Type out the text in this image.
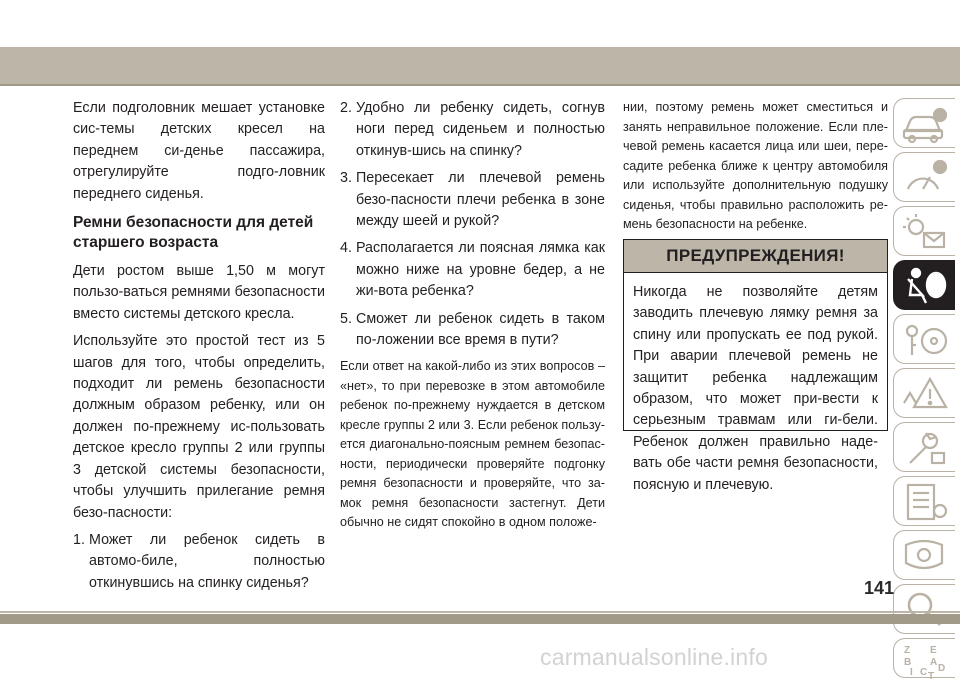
Если подголовник мешает установке сис-темы детских кресел на переднем си-денье пассажира, отрегулируйте подго-ловник переднего сиденья.

Ремни безопасности для детей старшего возраста

Дети ростом выше 1,50 м могут пользо-ваться ремнями безопасности вместо системы детского кресла.

Используйте это простой тест из 5 шагов для того, чтобы определить, подходит ли ремень безопасности должным образом ребенку, или он должен по-прежнему ис-пользовать детское кресло группы 2 или группы 3 детской системы безопасности, чтобы улучшить прилегание ремня безо-пасности:

1. Может ли ребенок сидеть в автомо-биле, полностью откинувшись на спинку сиденья?
2. Удобно ли ребенку сидеть, согнув ноги перед сиденьем и полностью откинув-шись на спинку?
3. Пересекает ли плечевой ремень безо-пасности плечи ребенка в зоне между шеей и рукой?
4. Располагается ли поясная лямка как можно ниже на уровне бедер, а не жи-вота ребенка?
5. Сможет ли ребенок сидеть в таком по-ложении все время в пути?

Если ответ на какой-либо из этих вопросов – «нет», то при перевозке в этом автомобиле ребенок по-прежнему нуждается в детском кресле группы 2 или 3. Если ребенок пользу-ется диагонально-поясным ремнем безопас-ности, периодически проверяйте подгонку ремня безопасности и проверяйте, что за-мок ремня безопасности застегнут. Дети обычно не сидят спокойно в одном положе-

нии, поэтому ремень может сместиться и занять неправильное положение. Если пле-чевой ремень касается лица или шеи, пере-садите ребенка ближе к центру автомобиля или используйте дополнительную подушку сиденья, чтобы правильно расположить ре-мень безопасности на ребенке.

ПРЕДУПРЕЖДЕНИЯ!
Никогда не позволяйте детям заводить плечевую лямку ремня за спину или пропускать ее под рукой. При аварии плечевой ремень не защитит ребенка надлежащим образом, что может при-вести к серьезным травмам или ги-бели. Ребенок должен правильно наде-вать обе части ремня безопасности, поясную и плечевую.
Z E
B A
I C D
T
141
carmanualsonline.info
